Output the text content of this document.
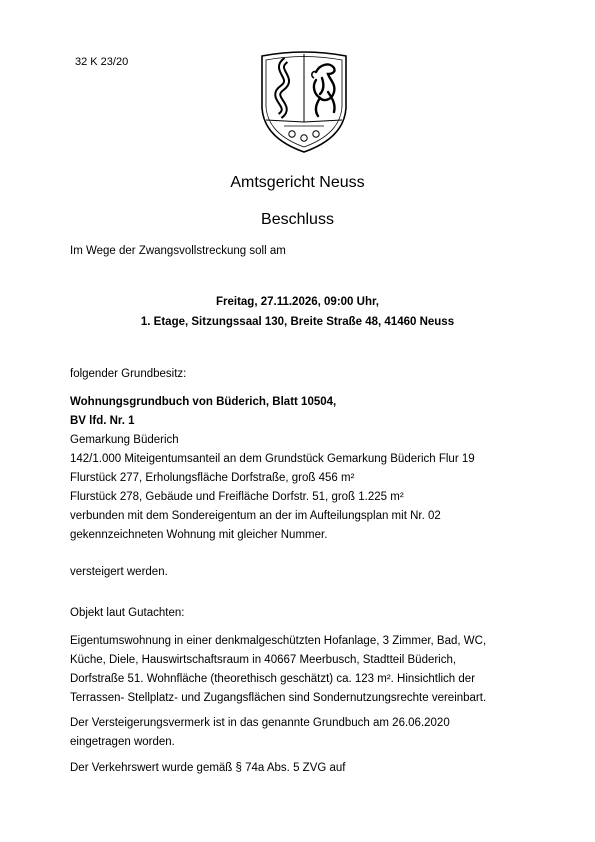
32 K 23/20
Amtsgericht Neuss
Beschluss
Im Wege der Zwangsvollstreckung soll am
Freitag, 27.11.2026, 09:00 Uhr,
1. Etage, Sitzungssaal 130, Breite Straße 48, 41460 Neuss
folgender Grundbesitz:
Wohnungsgrundbuch von Büderich, Blatt 10504,
BV lfd. Nr. 1
Gemarkung Büderich
142/1.000 Miteigentumsanteil an dem Grundstück Gemarkung Büderich Flur 19
Flurstück 277, Erholungsfläche Dorfstraße, groß 456 m²
Flurstück 278, Gebäude und Freifläche Dorfstr. 51, groß 1.225 m²
verbunden mit dem Sondereigentum an der im Aufteilungsplan mit Nr. 02
gekennzeichneten Wohnung mit gleicher Nummer.
versteigert werden.
Objekt laut Gutachten:
Eigentumswohnung in einer denkmalgeschützten Hofanlage, 3 Zimmer, Bad, WC,
Küche, Diele, Hauswirtschaftsraum in 40667 Meerbusch, Stadtteil Büderich,
Dorfstraße 51. Wohnfläche (theorethisch geschätzt) ca. 123 m². Hinsichtlich der
Terrassen- Stellplatz- und Zugangsflächen sind Sondernutzungsrechte vereinbart.
Der Versteigerungsvermerk ist in das genannte Grundbuch am 26.06.2020
eingetragen worden.
Der Verkehrswert wurde gemäß § 74a Abs. 5 ZVG auf
